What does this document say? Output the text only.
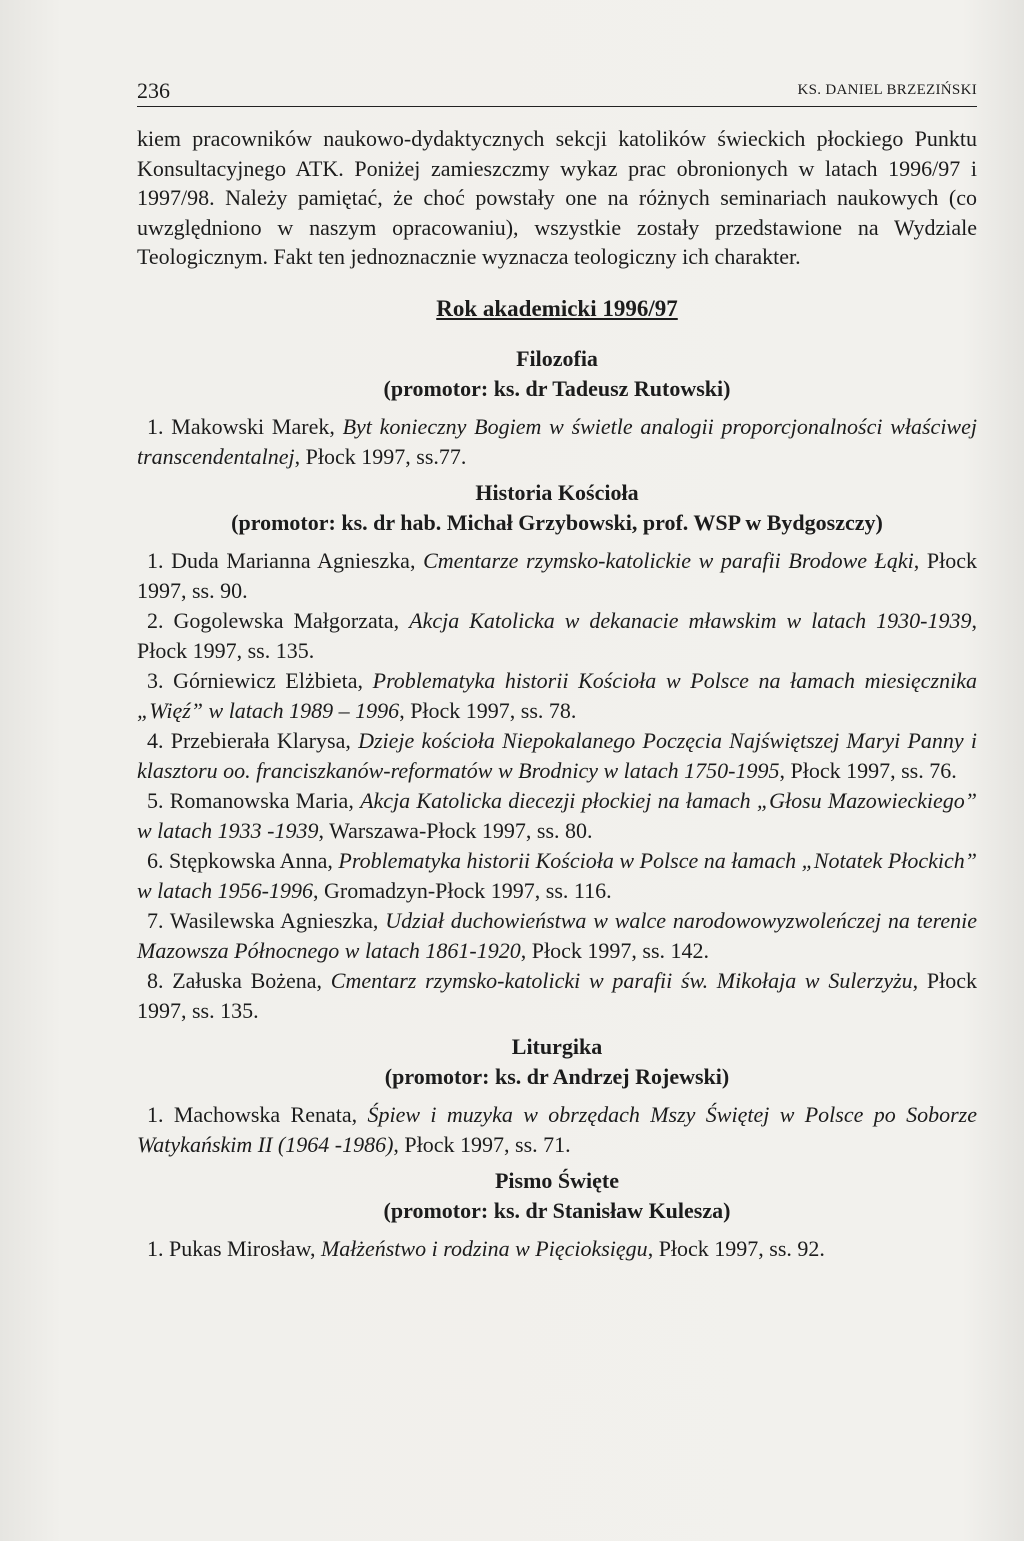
236	KS. DANIEL BRZEZIŃSKI

kiem pracowników naukowo-dydaktycznych sekcji katolików świeckich płockiego Punktu Konsultacyjnego ATK. Poniżej zamieszczmy wykaz prac obronionych w latach 1996/97 i 1997/98. Należy pamiętać, że choć powstały one na różnych seminariach naukowych (co uwzględniono w naszym opracowaniu), wszystkie zostały przedstawione na Wydziale Teologicznym. Fakt ten jednoznacznie wyznacza teologiczny ich charakter.

Rok akademicki 1996/97
Filozofia
(promotor: ks. dr Tadeusz Rutowski)

1. Makowski Marek, Byt konieczny Bogiem w świetle analogii proporcjonalności właściwej transcendentalnej, Płock 1997, ss.77.

Historia Kościoła
(promotor: ks. dr hab. Michał Grzybowski, prof. WSP w Bydgoszczy)

1. Duda Marianna Agnieszka, Cmentarze rzymsko-katolickie w parafii Brodowe Łąki, Płock 1997, ss. 90.

2. Gogolewska Małgorzata, Akcja Katolicka w dekanacie mławskim w latach 1930-1939, Płock 1997, ss. 135.

3. Górniewicz Elżbieta, Problematyka historii Kościoła w Polsce na łamach miesięcznika „Więź” w latach 1989 – 1996, Płock 1997, ss. 78.

4. Przebierała Klarysa, Dzieje kościoła Niepokalanego Poczęcia Najświętszej Maryi Panny i klasztoru oo. franciszkanów-reformatów w Brodnicy w latach 1750-1995, Płock 1997, ss. 76.

5. Romanowska Maria, Akcja Katolicka diecezji płockiej na łamach „Głosu Mazowieckiego” w latach 1933 -1939, Warszawa-Płock 1997, ss. 80.

6. Stępkowska Anna, Problematyka historii Kościoła w Polsce na łamach „Notatek Płockich” w latach 1956-1996, Gromadzyn-Płock 1997, ss. 116.

7. Wasilewska Agnieszka, Udział duchowieństwa w walce narodowowyzwoleńczej na terenie Mazowsza Północnego w latach 1861-1920, Płock 1997, ss. 142.

8. Załuska Bożena, Cmentarz rzymsko-katolicki w parafii św. Mikołaja w Sulerzyżu, Płock 1997, ss. 135.

Liturgika
(promotor: ks. dr Andrzej Rojewski)

1. Machowska Renata, Śpiew i muzyka w obrzędach Mszy Świętej w Polsce po Soborze Watykańskim II (1964 -1986), Płock 1997, ss. 71.

Pismo Święte
(promotor: ks. dr Stanisław Kulesza)

1. Pukas Mirosław, Małżeństwo i rodzina w Pięcioksięgu, Płock 1997, ss. 92.
